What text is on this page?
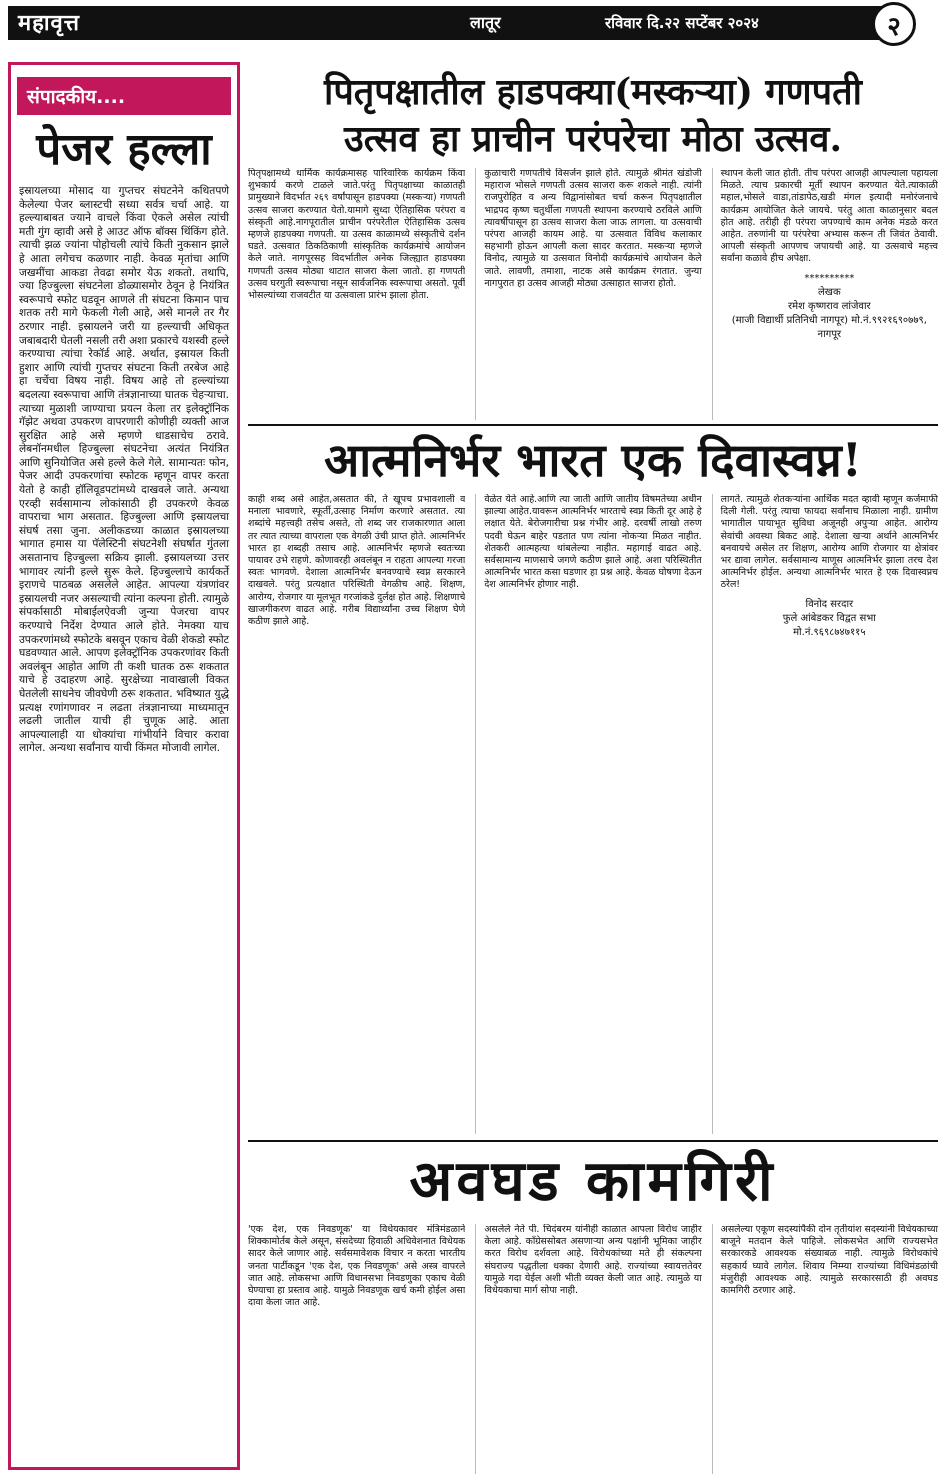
महावृत्त	लातूर	रविवार दि.२२ सप्टेंबर २०२४	२
संपादकीय....
पेजर हल्ला
इस्रायलच्या मोसाद या गुप्तचर संघटनेने कथितपणे केलेल्या पेजर ब्लास्टची सध्या सर्वत्र चर्चा आहे. या हल्ल्याबाबत ज्याने वाचले किंवा ऐकले असेल त्यांची मती गुंग व्हावी असे हे आउट ऑफ बॉक्स थिंकिंग होते. त्याची झळ ज्यांना पोहोचली त्यांचे किती नुकसान झाले हे आता लगेचच कळणार नाही. केवळ मृतांचा आणि जखमींचा आकडा तेवढा समोर येऊ शकतो. तथापि, ज्या हिज्बुल्ला संघटनेला डोळ्यासमोर ठेवून हे नियंत्रित स्वरूपाचे स्फोट घडवून आणले ती संघटना किमान पाच शतक तरी मागे फेकली गेली आहे, असे मानले तर गैर ठरणार नाही. इस्रायलने जरी या हल्ल्याची अधिकृत जबाबदारी घेतली नसली तरी अशा प्रकारचे यशस्वी हल्ले करण्याचा त्यांचा रेकॉर्ड आहे. अर्थात, इस्रायल किती हुशार आणि त्यांची गुप्तचर संघटना किती तरबेज आहे हा चर्चेचा विषय नाही. विषय आहे तो हल्ल्यांच्या बदलत्या स्वरूपाचा आणि तंत्रज्ञानाच्या घातक चेहऱ्याचा. त्याच्या मुळाशी जाण्याचा प्रयत्न केला तर इलेक्ट्रॉनिक गॅझेट अथवा उपकरण वापरणारी कोणीही व्यक्ती आज सुरक्षित आहे असे म्हणणे धाडसाचेच ठरावे. लेबनॉनमधील हिज्बुल्ला संघटनेचा अत्यंत नियंत्रित आणि सुनियोजित असे हल्ले केले गेले. सामान्यतः फोन, पेजर आदी उपकरणांचा स्फोटक म्हणून वापर करता येतो हे काही हॉलिवूडपटांमध्ये दाखवले जाते. अन्यथा एरव्ही सर्वसामान्य लोकांसाठी ही उपकरणे केवळ वापराचा भाग असतात. हिज्बुल्ला आणि इस्रायलचा संघर्ष तसा जुना. अलीकडच्या काळात इस्रायलच्या भागात हमास या पॅलेस्टिनी संघटनेशी संघर्षात गुंतला असतानाच हिज्बुल्ला सक्रिय झाली. इस्रायलच्या उत्तर भागावर त्यांनी हल्ले सुरू केले. हिज्बुल्लाचे कार्यकर्ते इराणचे पाठबळ असलेले आहेत. आपल्या यंत्रणांवर इस्रायलची नजर असल्याची त्यांना कल्पना होती. त्यामुळे संपर्कासाठी मोबाईलऐवजी जुन्या पेजरचा वापर करण्याचे निर्देश देण्यात आले होते. नेमक्या याच उपकरणांमध्ये स्फोटके बसवून एकाच वेळी शेकडो स्फोट घडवण्यात आले. आपण इलेक्ट्रॉनिक उपकरणांवर किती अवलंबून आहोत आणि ती कशी घातक ठरू शकतात याचे हे उदाहरण आहे. सुरक्षेच्या नावाखाली विकत घेतलेली साधनेच जीवघेणी ठरू शकतात. भविष्यात युद्धे प्रत्यक्ष रणांगणावर न लढता तंत्रज्ञानाच्या माध्यमातून लढली जातील याची ही चुणूक आहे. आता आपल्यालाही या धोक्यांचा गांभीर्याने विचार करावा लागेल. अन्यथा सर्वांनाच याची किंमत मोजावी लागेल.
पितृपक्षातील हाडपक्या(मस्कऱ्या) गणपती
उत्सव हा प्राचीन परंपरेचा मोठा उत्सव.
पितृपक्षामध्ये धार्मिक कार्यक्रमासह पारिवारिक कार्यक्रम किंवा शुभकार्य करणे टाळले जाते.परंतु पितृपक्षाच्या काळातही प्रामुख्याने विदर्भात २६९ वर्षांपासून हाडपक्या (मस्कऱ्या) गणपती उत्सव साजरा करण्यात येतो.यामागे सुध्दा ऐतिहासिक परंपरा व संस्कृती आहे.नागपूरातील प्राचीन परंपरेतील ऐतिहासिक उत्सव म्हणजे हाडपक्या गणपती. या उत्सव काळामध्ये संस्कृतीचे दर्शन घडते. उत्सवात ठिकठिकाणी सांस्कृतिक कार्यक्रमांचे आयोजन केले जाते. नागपूरसह विदर्भातील अनेक जिल्ह्यात हाडपक्या गणपती उत्सव मोठ्या थाटात साजरा केला जातो. हा गणपती उत्सव घरगुती स्वरूपाचा नसून सार्वजनिक स्वरूपाचा असतो. पूर्वी भोसल्यांच्या राजवटीत या उत्सवाला प्रारंभ झाला होता.
कुळाचारी गणपतीचे विसर्जन झाले होते. त्यामुळे श्रीमंत खंडोजी महाराज भोसले गणपती उत्सव साजरा करू शकले नाही. त्यांनी राजपुरोहित व अन्य विद्वानांसोबत चर्चा करून पितृपक्षातील भाद्रपद कृष्ण चतुर्थीला गणपती स्थापना करण्याचे ठरविले आणि त्यावर्षीपासून हा उत्सव साजरा केला जाऊ लागला. या उत्सवाची परंपरा आजही कायम आहे. या उत्सवात विविध कलाकार सहभागी होऊन आपली कला सादर करतात. मस्कऱ्या म्हणजे विनोद, त्यामुळे या उत्सवात विनोदी कार्यक्रमांचे आयोजन केले जाते. लावणी, तमाशा, नाटक असे कार्यक्रम रंगतात. जुन्या नागपुरात हा उत्सव आजही मोठ्या उत्साहात साजरा होतो.
स्थापन केली जात होती. तीच परंपरा आजही आपल्याला पहायला मिळते. त्याच प्रकारची मूर्ती स्थापन करण्यात येते.त्याकाळी महाल,भोसले वाडा,तांडापेठ,खडी मंगल इत्यादी मनोरंजनाचे कार्यक्रम आयोजित केले जायचे. परंतु आता काळानुसार बदल होत आहे. तरीही ही परंपरा जपण्याचे काम अनेक मंडळे करत आहेत. तरुणांनी या परंपरेचा अभ्यास करून ती जिवंत ठेवावी. आपली संस्कृती आपणच जपायची आहे. या उत्सवाचे महत्त्व सर्वांना कळावे हीच अपेक्षा.
**********
लेखक
रमेश कृष्णराव लांजेवार
(माजी विद्यार्थी प्रतिनिधी नागपूर) मो.नं.९९२१६९०७७९,
नागपूर
आत्मनिर्भर भारत एक दिवास्वप्न!
काही शब्द असे आहेत,असतात की, ते खूपच प्रभावशाली व मनाला भावणारे, स्फूर्ती,उत्साह निर्माण करणारे असतात. त्या शब्दांचे महत्त्वही तसेच असते, तो शब्द जर राजकारणात आला तर त्यात त्याच्या वापराला एक वेगळी उंची प्राप्त होते. आत्मनिर्भर भारत हा शब्दही तसाच आहे. आत्मनिर्भर म्हणजे स्वतःच्या पायावर उभे राहणे. कोणावरही अवलंबून न राहता आपल्या गरजा स्वतः भागवणे. देशाला आत्मनिर्भर बनवण्याचे स्वप्न सरकारने दाखवले. परंतु प्रत्यक्षात परिस्थिती वेगळीच आहे. शिक्षण, आरोग्य, रोजगार या मूलभूत गरजांकडे दुर्लक्ष होत आहे. शिक्षणाचे खाजगीकरण वाढत आहे. गरीब विद्यार्थ्यांना उच्च शिक्षण घेणे कठीण झाले आहे.
वेळेत येते आहे.आणि त्या जाती आणि जातीय विषमतेच्या अधीन झाल्या आहेत.यावरून आत्मनिर्भर भारताचे स्वप्न किती दूर आहे हे लक्षात येते. बेरोजगारीचा प्रश्न गंभीर आहे. दरवर्षी लाखो तरुण पदवी घेऊन बाहेर पडतात पण त्यांना नोकऱ्या मिळत नाहीत. शेतकरी आत्महत्या थांबलेल्या नाहीत. महागाई वाढत आहे. सर्वसामान्य माणसाचे जगणे कठीण झाले आहे. अशा परिस्थितीत आत्मनिर्भर भारत कसा घडणार हा प्रश्न आहे. केवळ घोषणा देऊन देश आत्मनिर्भर होणार नाही.
लागते. त्यामुळे शेतकऱ्यांना आर्थिक मदत व्हावी म्हणून कर्जमाफी दिली गेली. परंतु त्याचा फायदा सर्वांनाच मिळाला नाही. ग्रामीण भागातील पायाभूत सुविधा अजूनही अपुऱ्या आहेत. आरोग्य सेवांची अवस्था बिकट आहे. देशाला खऱ्या अर्थाने आत्मनिर्भर बनवायचे असेल तर शिक्षण, आरोग्य आणि रोजगार या क्षेत्रांवर भर द्यावा लागेल. सर्वसामान्य माणूस आत्मनिर्भर झाला तरच देश आत्मनिर्भर होईल. अन्यथा आत्मनिर्भर भारत हे एक दिवास्वप्नच ठरेल!
विनोद सरदार
फुले आंबेडकर विद्वत सभा
मो.नं.९६९८७४७११५
अवघड कामगिरी
'एक देश, एक निवडणूक' या विधेयकावर मंत्रिमंडळाने शिक्कामोर्तब केले असून, संसदेच्या हिवाळी अधिवेशनात विधेयक सादर केले जाणार आहे. सर्वसमावेशक विचार न करता भारतीय जनता पार्टीकडून 'एक देश, एक निवडणूक' असे अस्त्र वापरले जात आहे. लोकसभा आणि विधानसभा निवडणुका एकाच वेळी घेण्याचा हा प्रस्ताव आहे. यामुळे निवडणूक खर्च कमी होईल असा दावा केला जात आहे.
असलेले नेते पी. चिदंबरम यांनीही काळात आपला विरोध जाहीर केला आहे. कॉंग्रेससोबत असणाऱ्या अन्य पक्षांनी भूमिका जाहीर करत विरोध दर्शवला आहे. विरोधकांच्या मते ही संकल्पना संघराज्य पद्धतीला धक्का देणारी आहे. राज्यांच्या स्वायत्ततेवर यामुळे गदा येईल अशी भीती व्यक्त केली जात आहे. त्यामुळे या विधेयकाचा मार्ग सोपा नाही.
असलेल्या एकूण सदस्यांपैकी दोन तृतीयांश सदस्यांनी विधेयकाच्या बाजूने मतदान केले पाहिजे. लोकसभेत आणि राज्यसभेत सरकारकडे आवश्यक संख्याबळ नाही. त्यामुळे विरोधकांचे सहकार्य घ्यावे लागेल. शिवाय निम्म्या राज्यांच्या विधिमंडळांची मंजुरीही आवश्यक आहे. त्यामुळे सरकारसाठी ही अवघड कामगिरी ठरणार आहे.
